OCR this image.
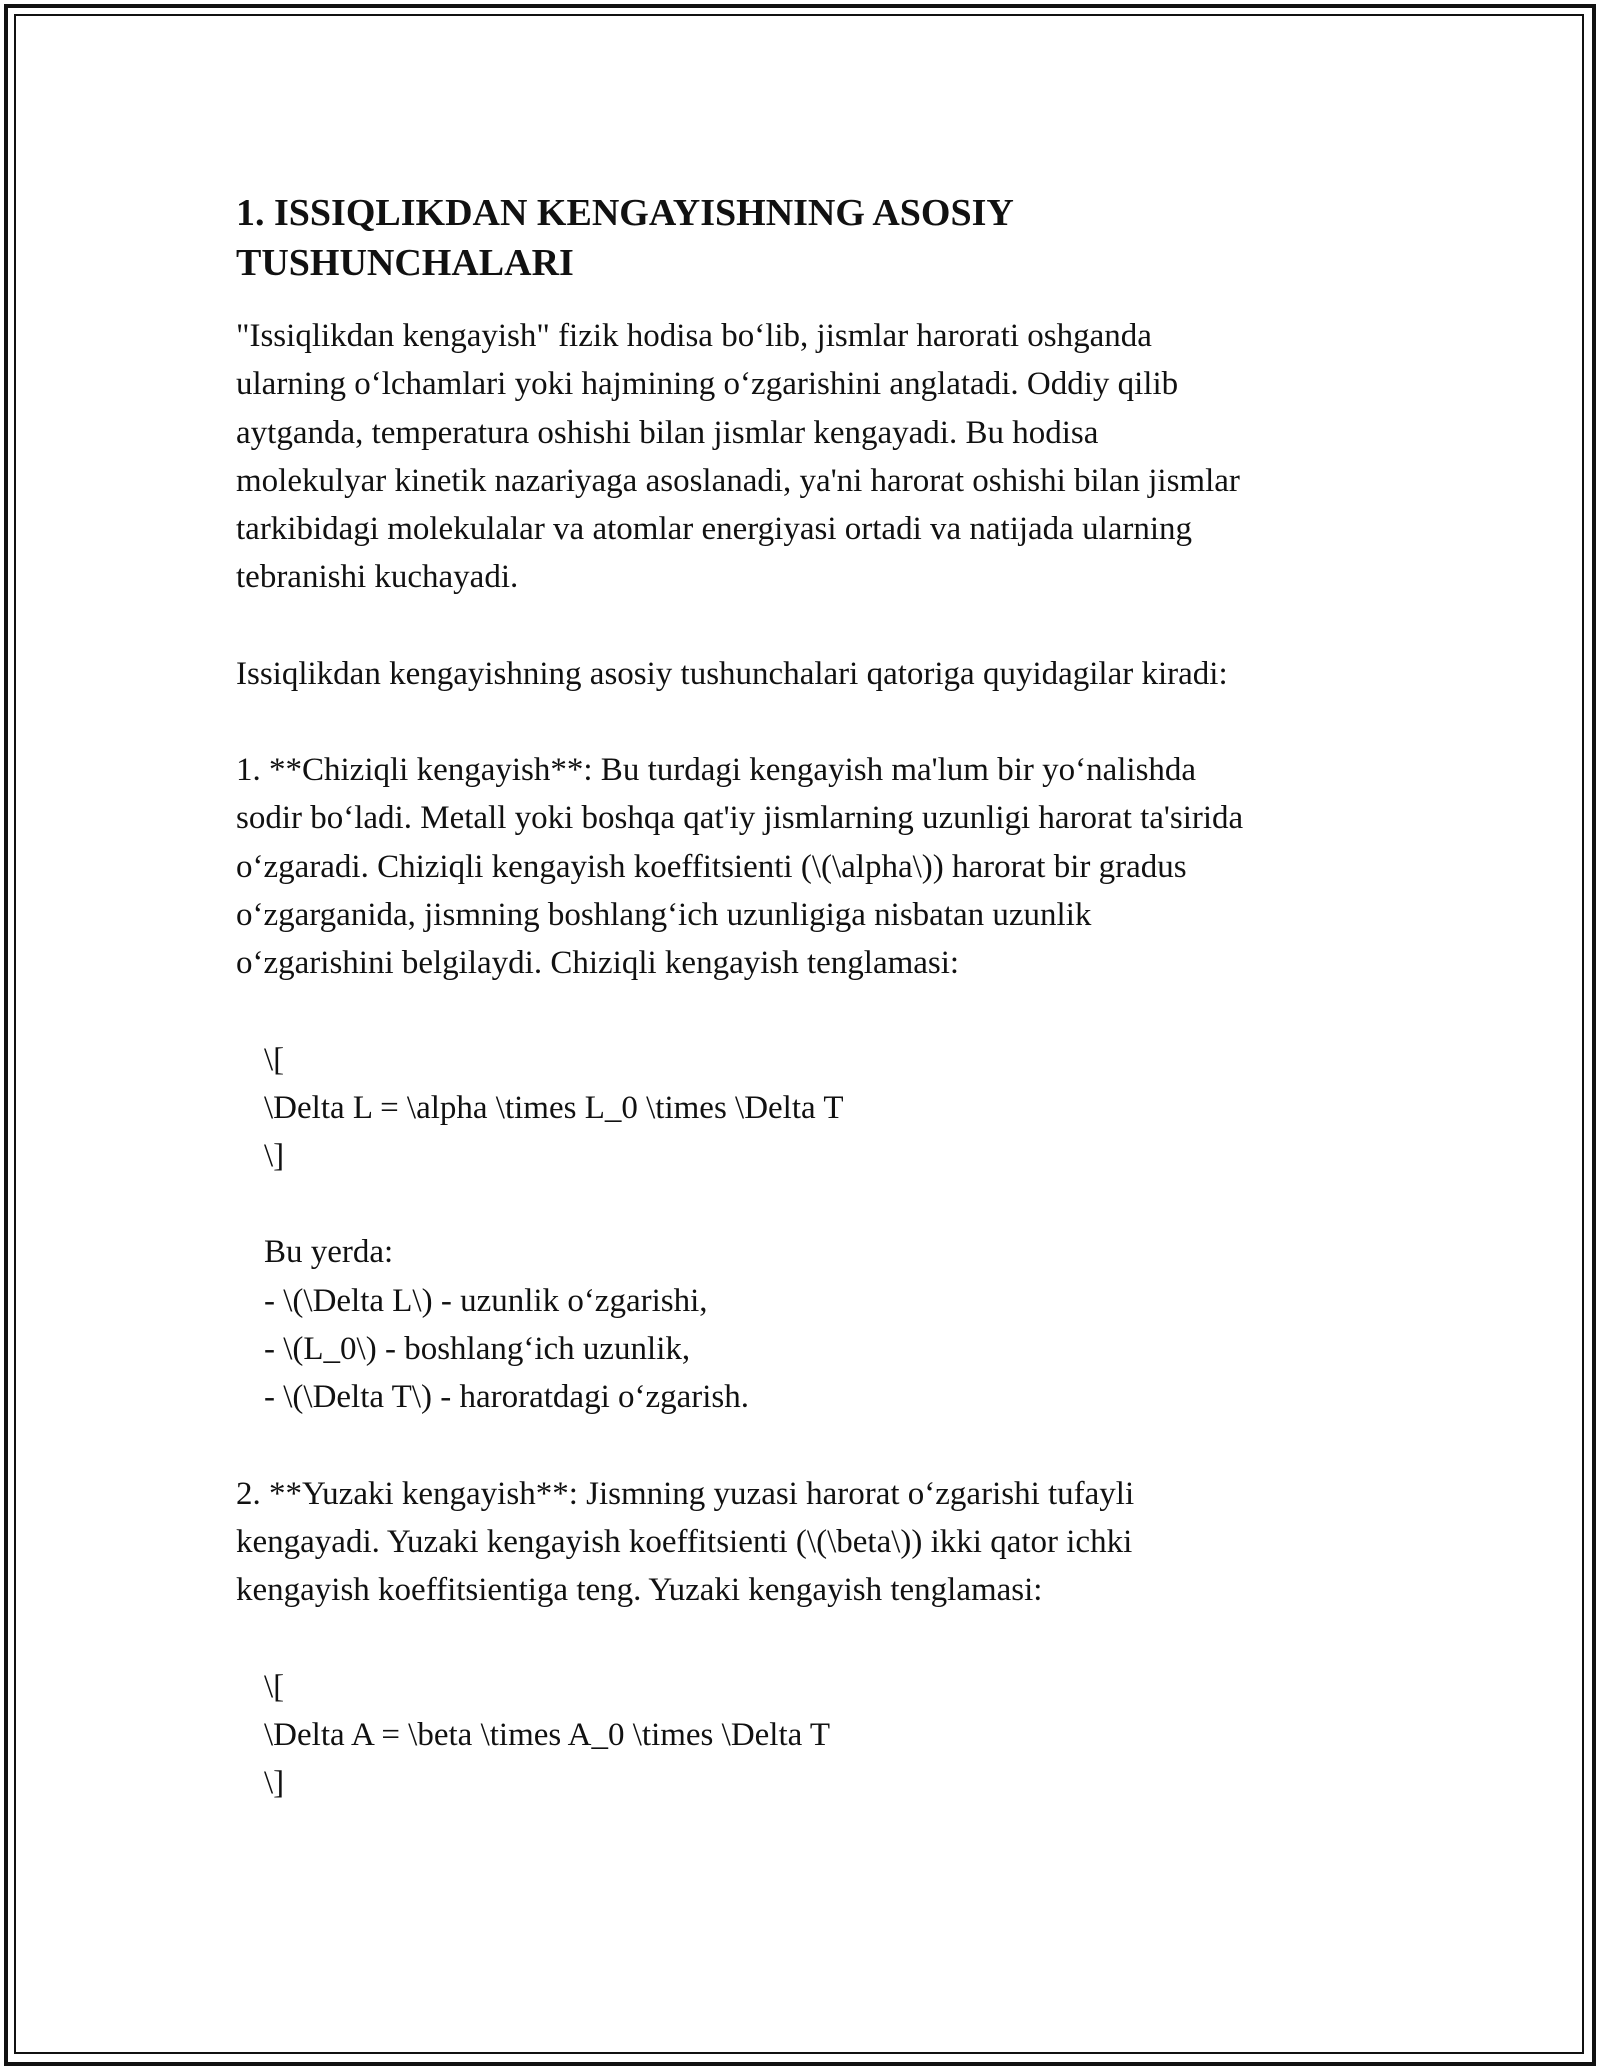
1. ISSIQLIKDAN KENGAYISHNING ASOSIY
TUSHUNCHALARI

"Issiqlikdan kengayish" fizik hodisa bo‘lib, jismlar harorati oshganda
ularning o‘lchamlari yoki hajmining o‘zgarishini anglatadi. Oddiy qilib
aytganda, temperatura oshishi bilan jismlar kengayadi. Bu hodisa
molekulyar kinetik nazariyaga asoslanadi, ya'ni harorat oshishi bilan jismlar
tarkibidagi molekulalar va atomlar energiyasi ortadi va natijada ularning
tebranishi kuchayadi.

Issiqlikdan kengayishning asosiy tushunchalari qatoriga quyidagilar kiradi:

1. **Chiziqli kengayish**: Bu turdagi kengayish ma'lum bir yo‘nalishda
sodir bo‘ladi. Metall yoki boshqa qat'iy jismlarning uzunligi harorat ta'sirida
o‘zgaradi. Chiziqli kengayish koeffitsienti (\(\alpha\)) harorat bir gradus
o‘zgarganida, jismning boshlang‘ich uzunligiga nisbatan uzunlik
o‘zgarishini belgilaydi. Chiziqli kengayish tenglamasi:

\[
\Delta L = \alpha \times L_0 \times \Delta T
\]

Bu yerda:
- \(\Delta L\) - uzunlik o‘zgarishi,
- \(L_0\) - boshlang‘ich uzunlik,
- \(\Delta T\) - haroratdagi o‘zgarish.

2. **Yuzaki kengayish**: Jismning yuzasi harorat o‘zgarishi tufayli
kengayadi. Yuzaki kengayish koeffitsienti (\(\beta\)) ikki qator ichki
kengayish koeffitsientiga teng. Yuzaki kengayish tenglamasi:

\[
\Delta A = \beta \times A_0 \times \Delta T
\]
